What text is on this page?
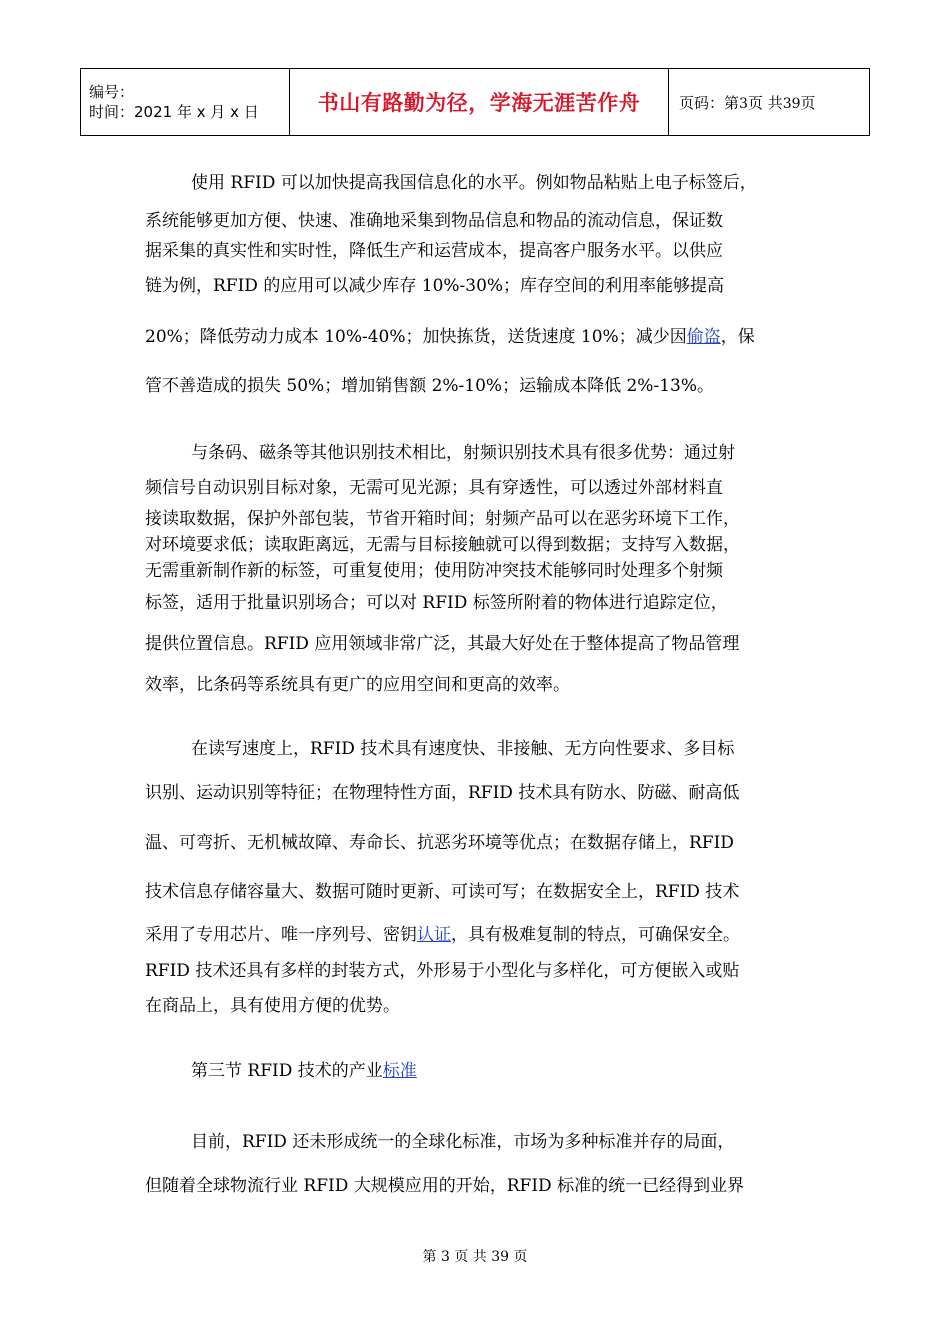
编号：
时间：2021 年 x 月 x 日	书山有路勤为径，学海无涯苦作舟	页码：第3页 共39页
使用 RFID 可以加快提高我国信息化的水平。例如物品粘贴上电子标签后，
系统能够更加方便、快速、准确地采集到物品信息和物品的流动信息，保证数
据采集的真实性和实时性，降低生产和运营成本，提高客户服务水平。以供应
链为例，RFID 的应用可以减少库存 10%-30%；库存空间的利用率能够提高
20%；降低劳动力成本 10%-40%；加快拣货，送货速度 10%；减少因偷盗，保
管不善造成的损失 50%；增加销售额 2%-10%；运输成本降低 2%-13%。
与条码、磁条等其他识别技术相比，射频识别技术具有很多优势：通过射
频信号自动识别目标对象，无需可见光源；具有穿透性，可以透过外部材料直
接读取数据，保护外部包装，节省开箱时间；射频产品可以在恶劣环境下工作，
对环境要求低；读取距离远，无需与目标接触就可以得到数据；支持写入数据，
无需重新制作新的标签，可重复使用；使用防冲突技术能够同时处理多个射频
标签，适用于批量识别场合；可以对 RFID 标签所附着的物体进行追踪定位，
提供位置信息。RFID 应用领域非常广泛，其最大好处在于整体提高了物品管理
效率，比条码等系统具有更广的应用空间和更高的效率。
在读写速度上，RFID 技术具有速度快、非接触、无方向性要求、多目标
识别、运动识别等特征；在物理特性方面，RFID 技术具有防水、防磁、耐高低
温、可弯折、无机械故障、寿命长、抗恶劣环境等优点；在数据存储上，RFID
技术信息存储容量大、数据可随时更新、可读可写；在数据安全上，RFID 技术
采用了专用芯片、唯一序列号、密钥认证，具有极难复制的特点，可确保安全。
RFID 技术还具有多样的封装方式，外形易于小型化与多样化，可方便嵌入或贴
在商品上，具有使用方便的优势。
第三节 RFID 技术的产业标准
目前，RFID 还未形成统一的全球化标准，市场为多种标准并存的局面，
但随着全球物流行业 RFID 大规模应用的开始，RFID 标准的统一已经得到业界
第 3 页 共 39 页
